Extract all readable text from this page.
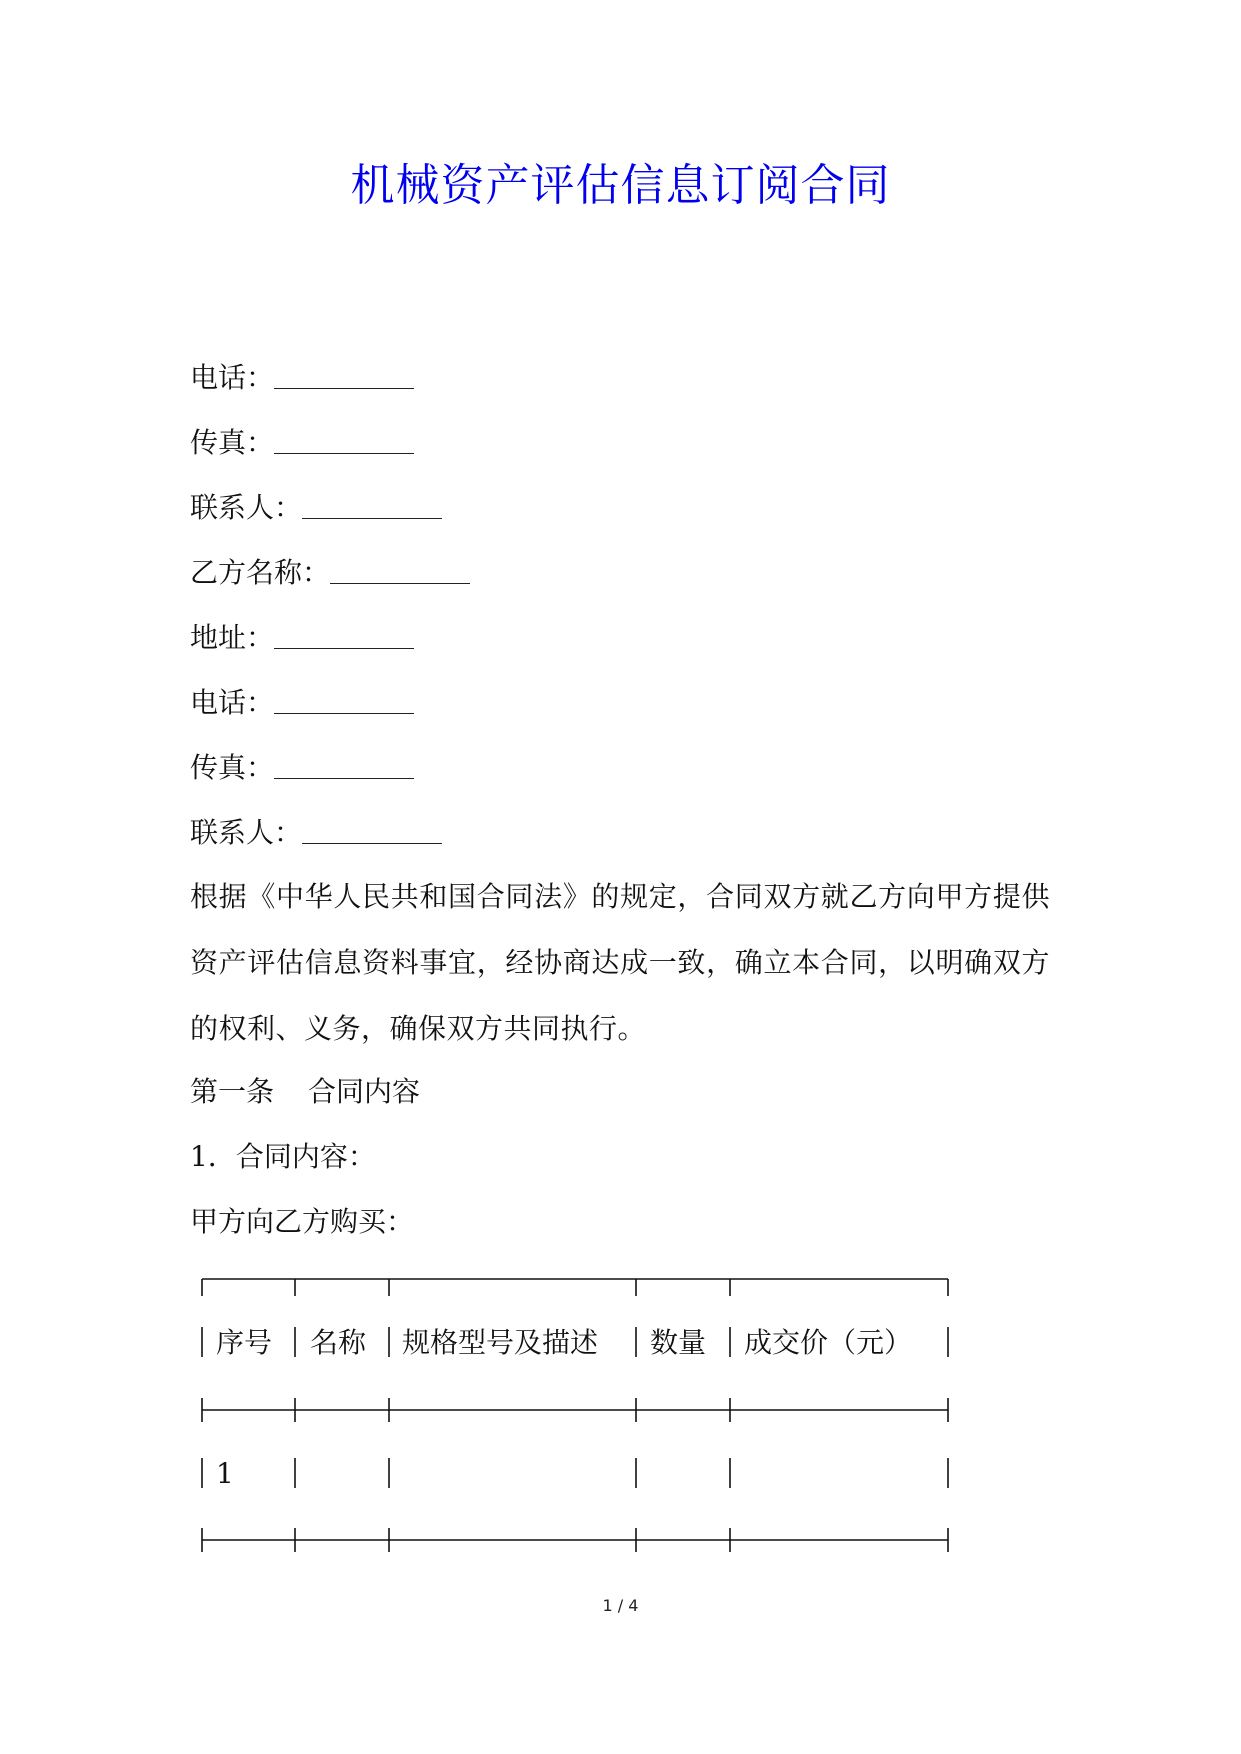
机械资产评估信息订阅合同
电话：
传真：
联系人：
乙方名称：
地址：
电话：
传真：
联系人：

根据《中华人民共和国合同法》的规定，合同双方就乙方向甲方提供资产评估信息资料事宜，经协商达成一致，确立本合同，以明确双方的权利、义务，确保双方共同执行。

第一条 合同内容
1．合同内容：
甲方向乙方购买：
序号 名称 规格型号及描述 数量 成交价（元）
1
1 / 4
